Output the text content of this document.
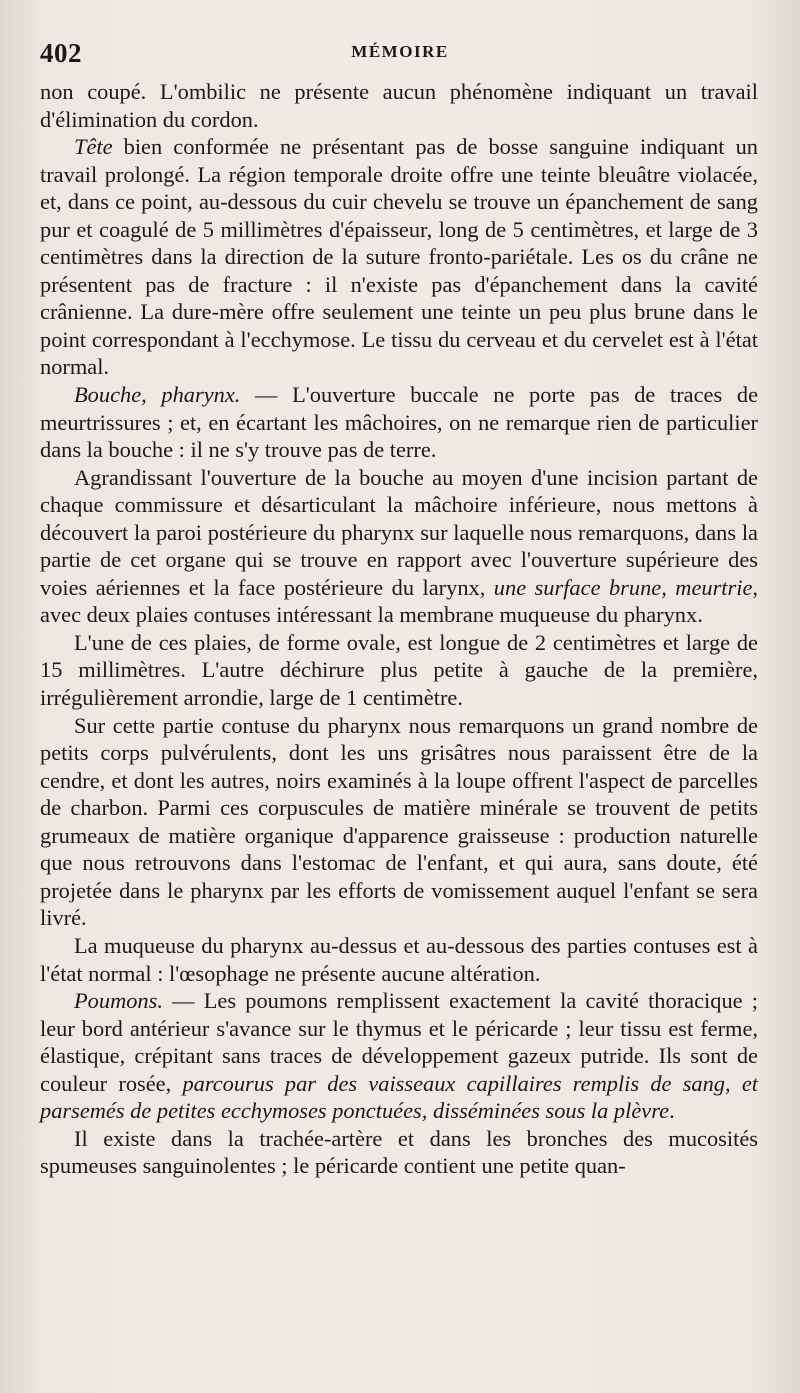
402	MÉMOIRE

non coupé. L'ombilic ne présente aucun phénomène indiquant un travail d'élimination du cordon.

Tête bien conformée ne présentant pas de bosse sanguine indiquant un travail prolongé. La région temporale droite offre une teinte bleuâtre violacée, et, dans ce point, au-dessous du cuir chevelu se trouve un épanchement de sang pur et coagulé de 5 millimètres d'épaisseur, long de 5 centimètres, et large de 3 centimètres dans la direction de la suture fronto-pariétale. Les os du crâne ne présentent pas de fracture : il n'existe pas d'épanchement dans la cavité crânienne. La dure-mère offre seulement une teinte un peu plus brune dans le point correspondant à l'ecchymose. Le tissu du cerveau et du cervelet est à l'état normal.

Bouche, pharynx. — L'ouverture buccale ne porte pas de traces de meurtrissures ; et, en écartant les mâchoires, on ne remarque rien de particulier dans la bouche : il ne s'y trouve pas de terre.

Agrandissant l'ouverture de la bouche au moyen d'une incision partant de chaque commissure et désarticulant la mâchoire inférieure, nous mettons à découvert la paroi postérieure du pharynx sur laquelle nous remarquons, dans la partie de cet organe qui se trouve en rapport avec l'ouverture supérieure des voies aériennes et la face postérieure du larynx, une surface brune, meurtrie, avec deux plaies contuses intéressant la membrane muqueuse du pharynx.

L'une de ces plaies, de forme ovale, est longue de 2 centimètres et large de 15 millimètres. L'autre déchirure plus petite à gauche de la première, irrégulièrement arrondie, large de 1 centimètre.

Sur cette partie contuse du pharynx nous remarquons un grand nombre de petits corps pulvérulents, dont les uns grisâtres nous paraissent être de la cendre, et dont les autres, noirs examinés à la loupe offrent l'aspect de parcelles de charbon. Parmi ces corpuscules de matière minérale se trouvent de petits grumeaux de matière organique d'apparence graisseuse : production naturelle que nous retrouvons dans l'estomac de l'enfant, et qui aura, sans doute, été projetée dans le pharynx par les efforts de vomissement auquel l'enfant se sera livré.

La muqueuse du pharynx au-dessus et au-dessous des parties contuses est à l'état normal : l'œsophage ne présente aucune altération.

Poumons. — Les poumons remplissent exactement la cavité thoracique ; leur bord antérieur s'avance sur le thymus et le péricarde ; leur tissu est ferme, élastique, crépitant sans traces de développement gazeux putride. Ils sont de couleur rosée, parcourus par des vaisseaux capillaires remplis de sang, et parsemés de petites ecchymoses ponctuées, disséminées sous la plèvre.

Il existe dans la trachée-artère et dans les bronches des mucosités spumeuses sanguinolentes ; le péricarde contient une petite quan-
